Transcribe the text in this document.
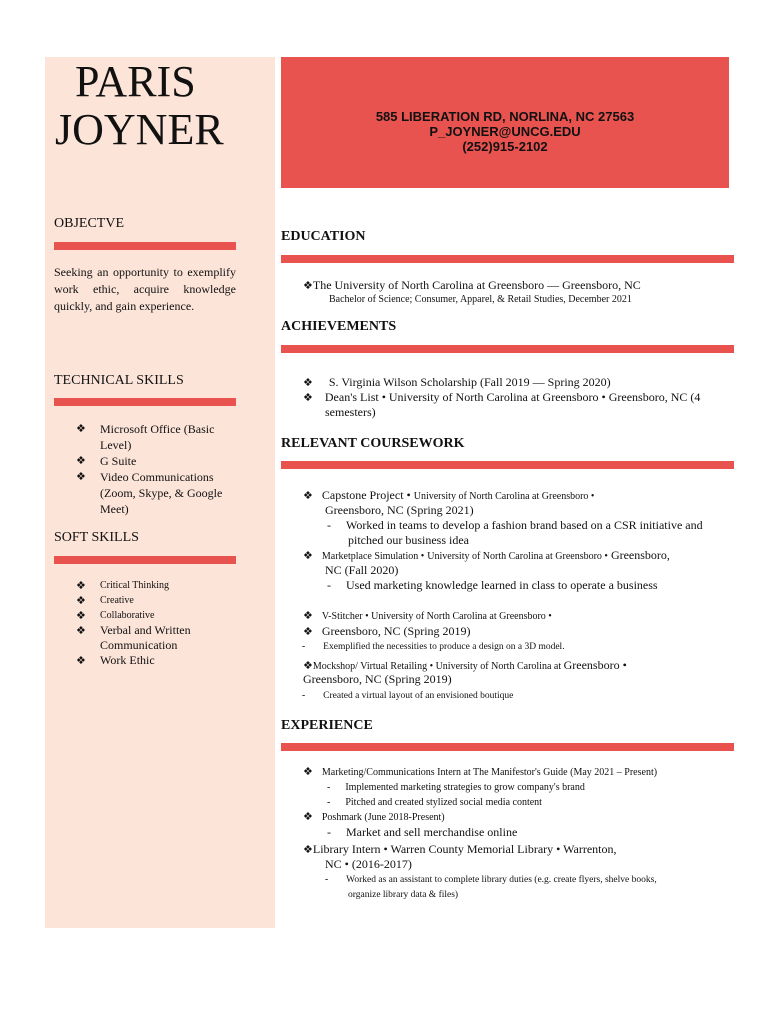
PARIS
JOYNER
OBJECTVE
Seeking an opportunity to exemplify work ethic, acquire knowledge quickly, and gain experience.
TECHNICAL SKILLS
❖ Microsoft Office (Basic Level)
❖ G Suite
❖ Video Communications (Zoom, Skype, & Google Meet)
SOFT SKILLS
❖ Critical Thinking
❖ Creative
❖ Collaborative
❖ Verbal and Written Communication
❖ Work Ethic
585 LIBERATION RD, NORLINA, NC 27563
P_JOYNER@UNCG.EDU
(252)915-2102
EDUCATION
❖The University of North Carolina at Greensboro — Greensboro, NC
Bachelor of Science; Consumer, Apparel, & Retail Studies, December 2021
ACHIEVEMENTS
❖ S. Virginia Wilson Scholarship (Fall 2019 — Spring 2020)
❖ Dean's List • University of North Carolina at Greensboro • Greensboro, NC (4
semesters)
RELEVANT COURSEWORK
❖ Capstone Project • University of North Carolina at Greensboro •
Greensboro, NC (Spring 2021)
- Worked in teams to develop a fashion brand based on a CSR initiative and
pitched our business idea
❖ Marketplace Simulation • University of North Carolina at Greensboro • Greensboro,
NC (Fall 2020)
- Used marketing knowledge learned in class to operate a business
❖ V-Stitcher • University of North Carolina at Greensboro •
❖ Greensboro, NC (Spring 2019)
- Exemplified the necessities to produce a design on a 3D model.
❖Mockshop/ Virtual Retailing • University of North Carolina at Greensboro •
Greensboro, NC (Spring 2019)
- Created a virtual layout of an envisioned boutique
EXPERIENCE
❖ Marketing/Communications Intern at The Manifestor's Guide (May 2021 – Present)
- Implemented marketing strategies to grow company's brand
- Pitched and created stylized social media content
❖ Poshmark (June 2018-Present)
- Market and sell merchandise online
❖Library Intern • Warren County Memorial Library • Warrenton,
NC • (2016-2017)
- Worked as an assistant to complete library duties (e.g. create flyers, shelve books,
organize library data & files)
